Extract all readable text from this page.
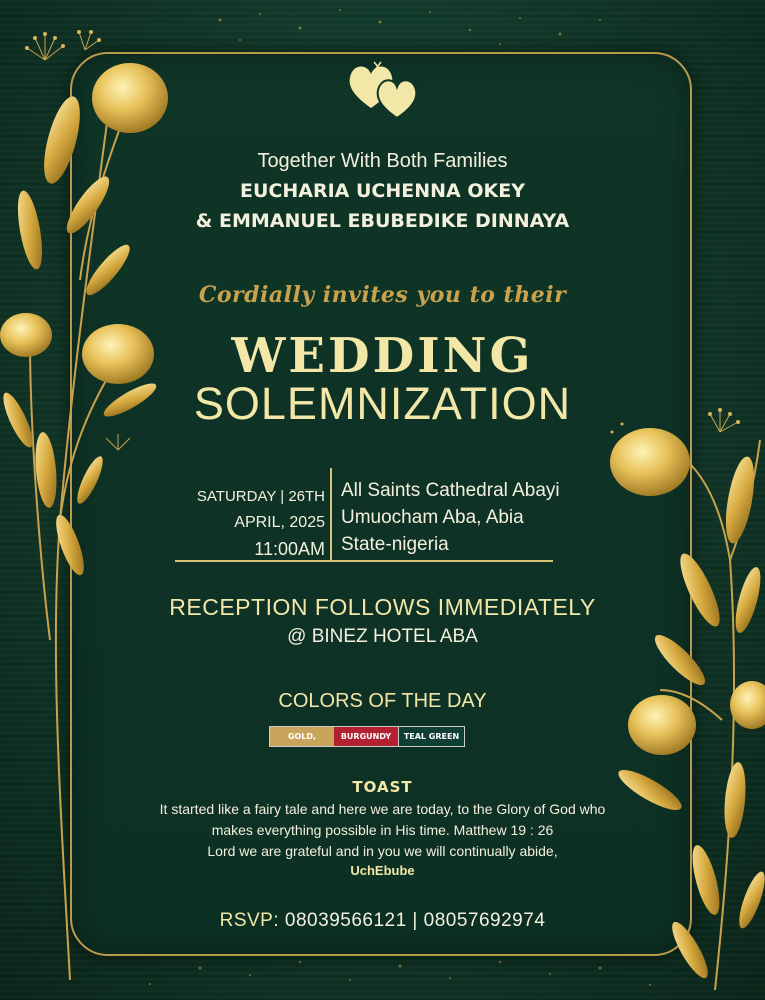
Together With Both Families
EUCHARIA UCHENNA OKEY
& EMMANUEL EBUBEDIKE DINNAYA
Cordially invites you to their
WEDDING
SOLEMNIZATION
SATURDAY | 26TH
APRIL, 2025
11:00AM
All Saints Cathedral Abayi
Umuocham Aba, Abia
State-nigeria
RECEPTION FOLLOWS IMMEDIATELY
@ BINEZ HOTEL ABA
COLORS OF THE DAY
GOLD,	BURGUNDY	TEAL GREEN
TOAST
It started like a fairy tale and here we are today, to the Glory of God who
makes everything possible in His time. Matthew 19 : 26
Lord we are grateful and in you we will continually abide,
UchEbube
RSVP: 08039566121 | 08057692974
